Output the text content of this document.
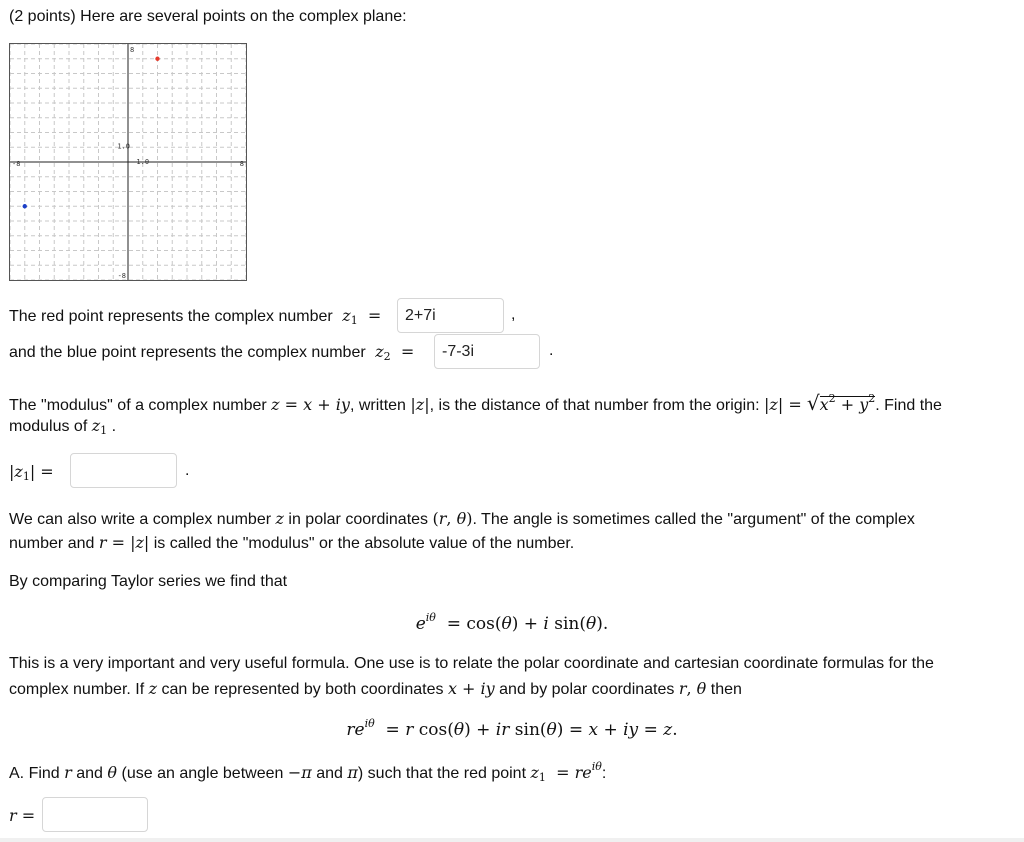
(2 points) Here are several points on the complex plane:
8
-8
-8	8
1.0
1.0
The red point represents the complex number  $z_1$  =	2+7i	,
and the blue point represents the complex number  $z_2$  =	-7-3i	.
The "modulus" of a complex number z = x + iy, written |z|, is the distance of that number from the origin: $|z| = √x^2 + y^2$. Find the
modulus of $z_1$ .
$|z_1|$ =	.
We can also write a complex number z in polar coordinates (r, θ). The angle is sometimes called the "argument" of the complex
number and r = |z| is called the "modulus" or the absolute value of the number.
By comparing Taylor series we find that
$e^{i\theta} = \cos(\theta) + i$ sin(θ).
This is a very important and very useful formula. One use is to relate the polar coordinate and cartesian coordinate formulas for the
complex number. If z can be represented by both coordinates x + iy and by polar coordinates r, θ then
$re^{i\theta} = r$ cos(θ) + ir sin(θ) = x + iy = z.
A. Find r and θ (use an angle between −π and π) such that the red point $z_1 = re^{i\theta}$:
r =
